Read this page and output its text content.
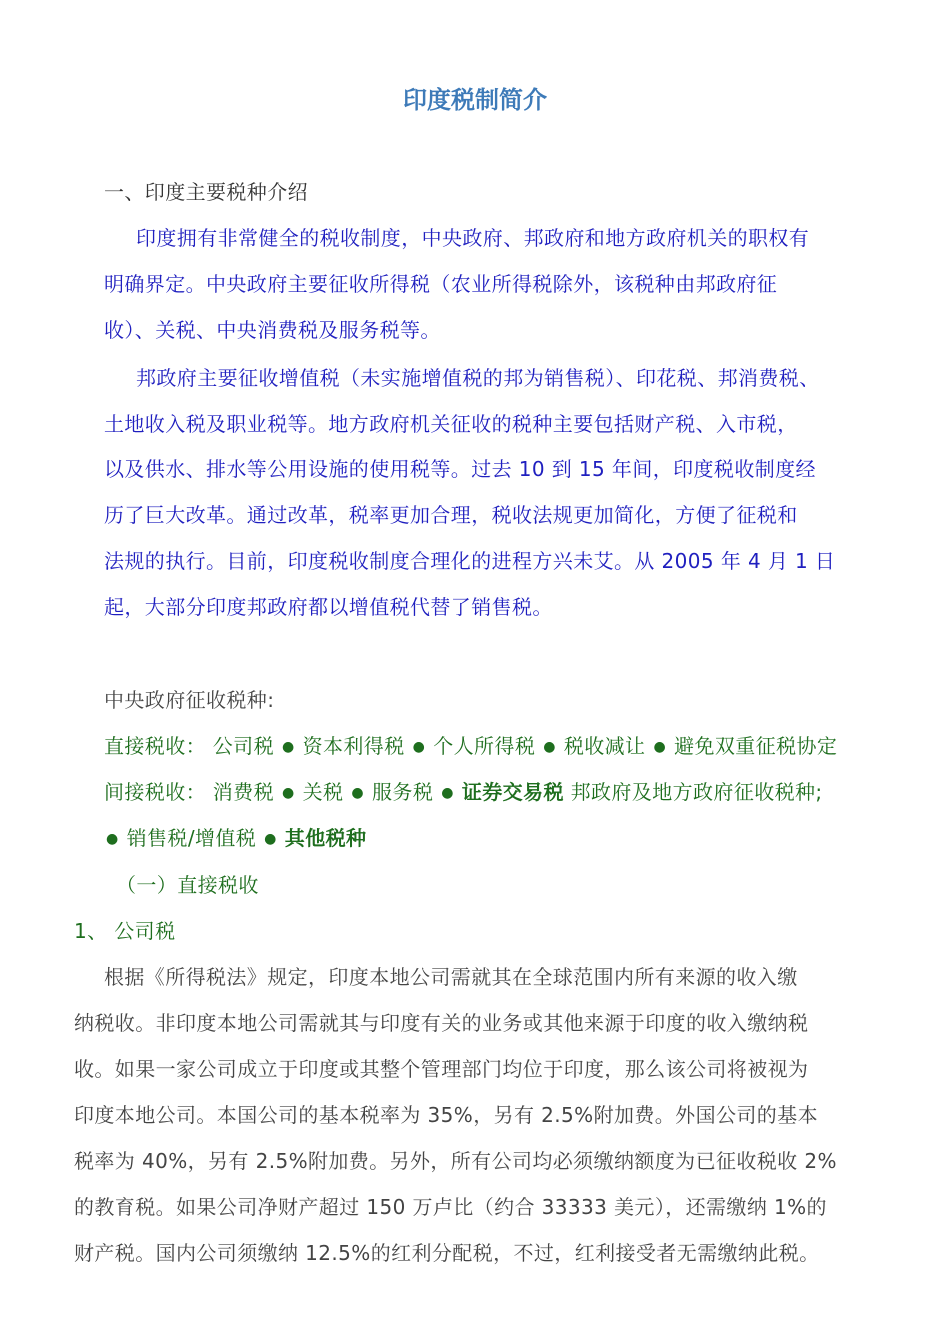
印度税制简介
一、印度主要税种介绍
印度拥有非常健全的税收制度，中央政府、邦政府和地方政府机关的职权有
明确界定。中央政府主要征收所得税（农业所得税除外，该税种由邦政府征
收）、关税、中央消费税及服务税等。
邦政府主要征收增值税（未实施增值税的邦为销售税）、印花税、邦消费税、
土地收入税及职业税等。地方政府机关征收的税种主要包括财产税、入市税，
以及供水、排水等公用设施的使用税等。过去 10 到 15 年间，印度税收制度经
历了巨大改革。通过改革，税率更加合理，税收法规更加简化，方便了征税和
法规的执行。目前，印度税收制度合理化的进程方兴未艾。从 2005 年 4 月 1 日
起，大部分印度邦政府都以增值税代替了销售税。
中央政府征收税种:
直接税收： 公司税 ● 资本利得税 ● 个人所得税 ● 税收减让 ● 避免双重征税协定
间接税收： 消费税 ● 关税 ● 服务税 ● 证券交易税 邦政府及地方政府征收税种;
● 销售税/增值税 ● 其他税种
（一）直接税收
1、 公司税
根据《所得税法》规定，印度本地公司需就其在全球范围内所有来源的收入缴
纳税收。非印度本地公司需就其与印度有关的业务或其他来源于印度的收入缴纳税
收。如果一家公司成立于印度或其整个管理部门均位于印度，那么该公司将被视为
印度本地公司。本国公司的基本税率为 35%，另有 2.5%附加费。外国公司的基本
税率为 40%，另有 2.5%附加费。另外，所有公司均必须缴纳额度为已征收税收 2%
的教育税。如果公司净财产超过 150 万卢比（约合 33333 美元），还需缴纳 1%的
财产税。国内公司须缴纳 12.5%的红利分配税，不过，红利接受者无需缴纳此税。
